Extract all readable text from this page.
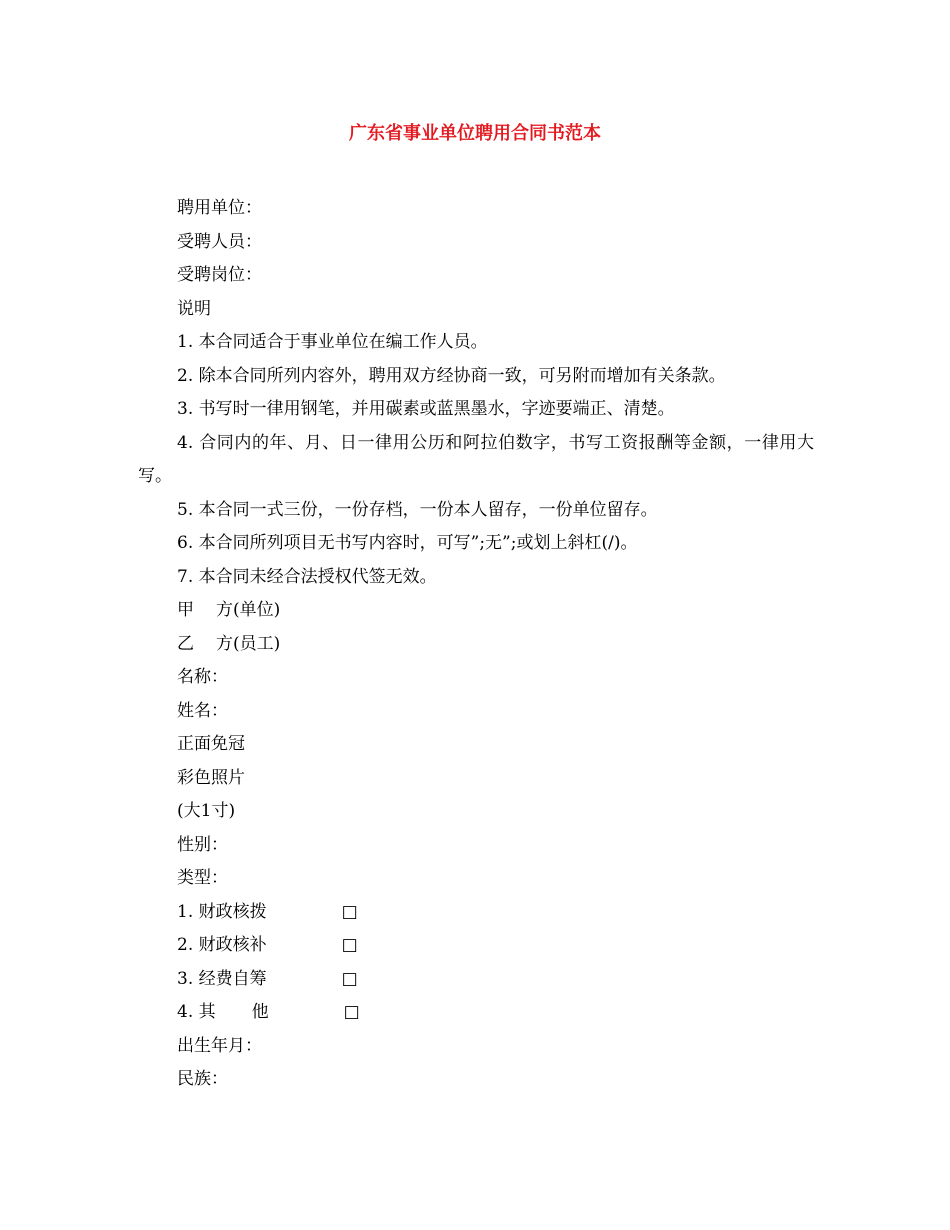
广东省事业单位聘用合同书范本

聘用单位：

受聘人员：

受聘岗位：

说明

1. 本合同适合于事业单位在编工作人员。

2. 除本合同所列内容外，聘用双方经协商一致，可另附而增加有关条款。

3. 书写时一律用钢笔，并用碳素或蓝黑墨水，字迹要端正、清楚。

4. 合同内的年、月、日一律用公历和阿拉伯数字，书写工资报酬等金额，一律用大写。

5. 本合同一式三份，一份存档，一份本人留存，一份单位留存。

6. 本合同所列项目无书写内容时，可写”;无”;或划上斜杠(/)。

7. 本合同未经合法授权代签无效。

甲 方(单位)

乙 方(员工)

名称：

姓名：

正面免冠

彩色照片

(大1寸)

性别：

类型：

1. 财政核拨	□

2. 财政核补	□

3. 经费自筹	□

4. 其 他	□

出生年月：

民族：
